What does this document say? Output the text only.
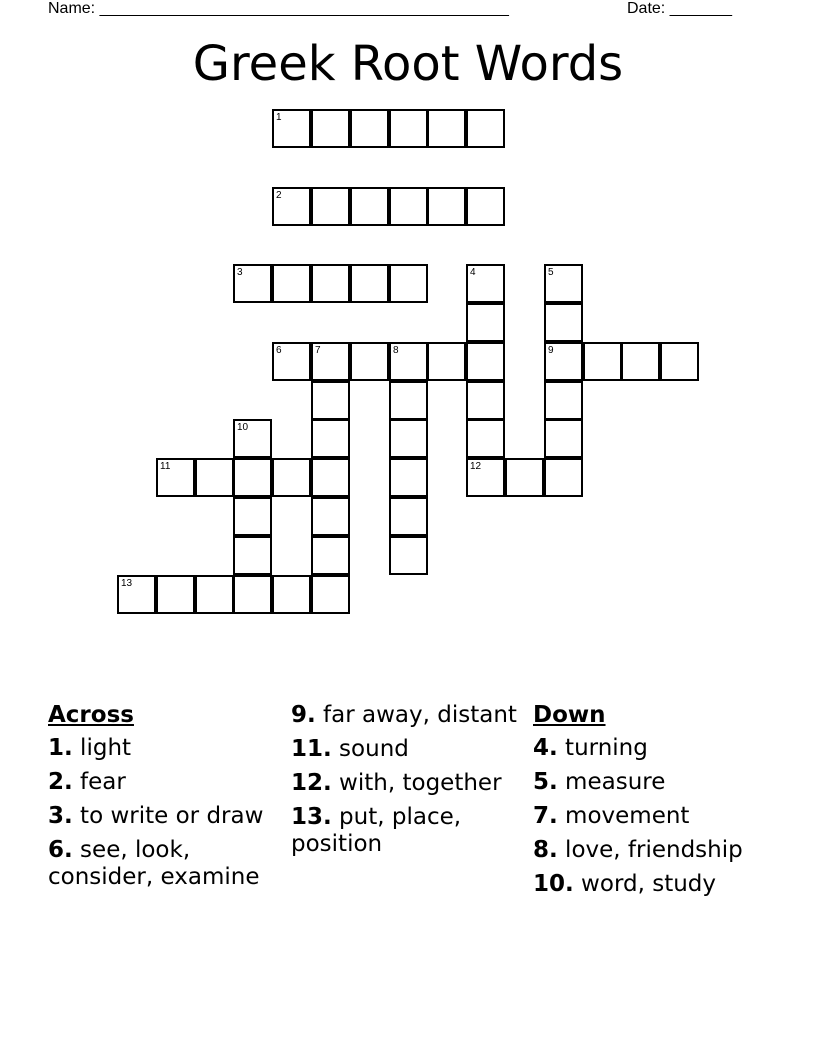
Name: ______________________________________________	Date: _______
Greek Root Words
1
2
3	4
12
5
9
6	7	8
10
11
13
Across
1. light
2. fear
3. to write or draw
6. see, look, consider, examine
9. far away, distant
11. sound
12. with, together
13. put, place, position
Down
4. turning
5. measure
7. movement
8. love, friendship
10. word, study
